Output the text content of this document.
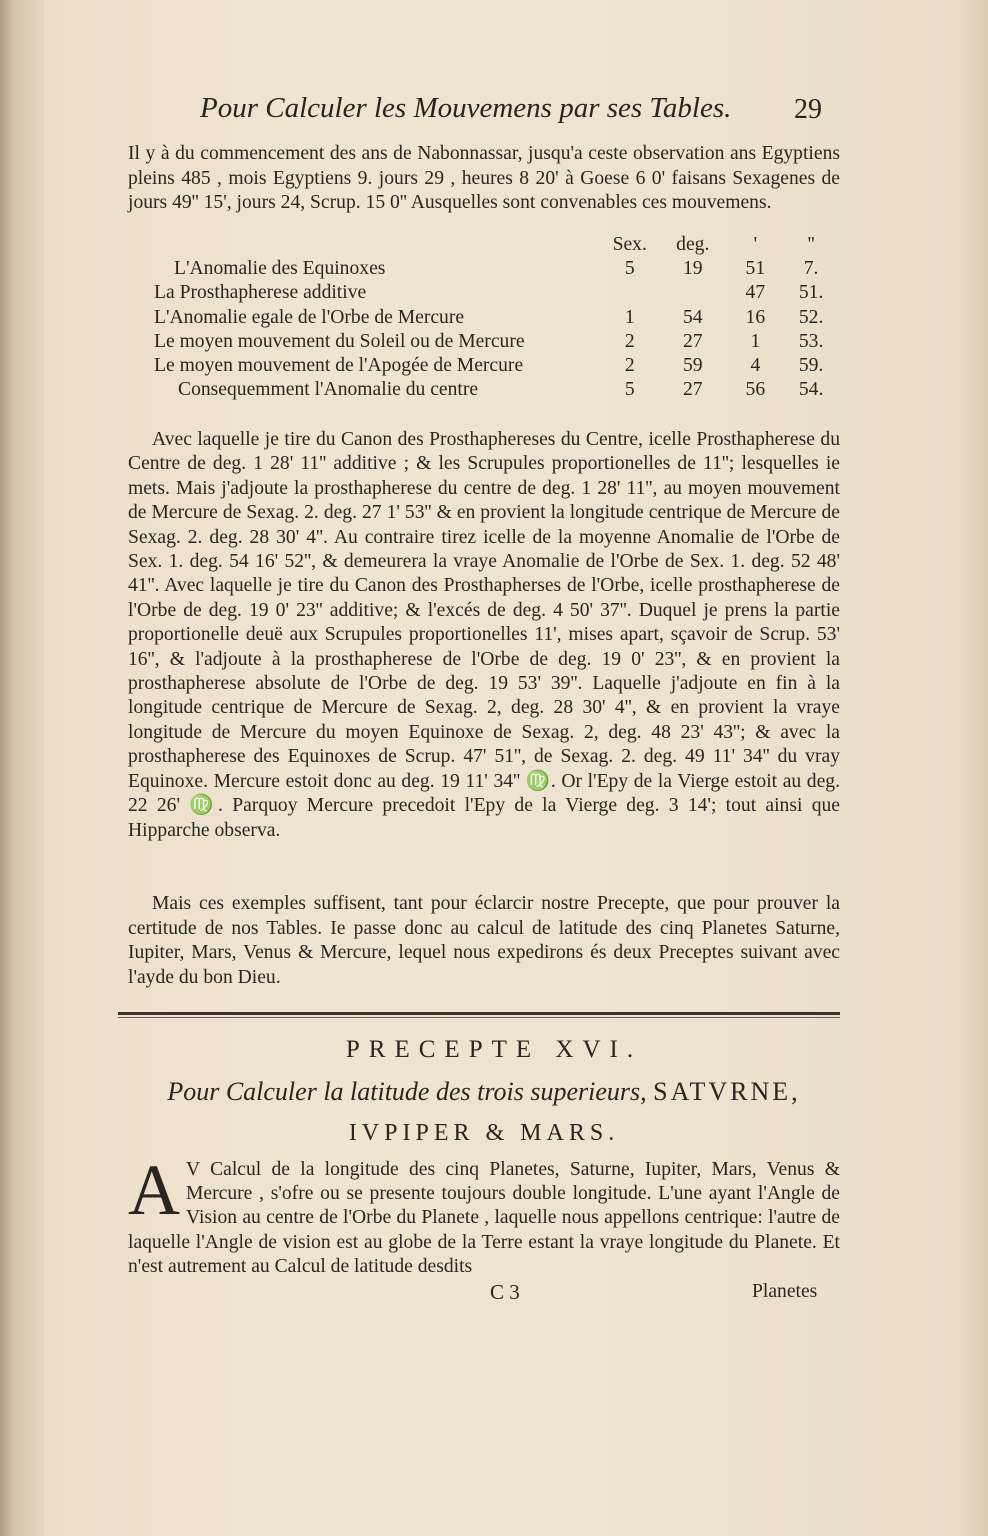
Pour Calculer les Mouvemens par ses Tables. 29

Il y à du commencement des ans de Nabonnassar, jusqu'a ceste observation ans Egyptiens pleins 485 , mois Egyptiens 9. jours 29 , heures 8 20' à Goese 6 0' faisans Sexagenes de jours 49'' 15', jours 24, Scrup. 15 0'' Ausquelles sont convenables ces mouvemens.

	Sex.	deg.	'	''
L'Anomalie des Equinoxes	5	19	51	7.
La Prosthapherese additive			47	51.
L'Anomalie egale de l'Orbe de Mercure	1	54	16	52.
Le moyen mouvement du Soleil ou de Mercure	2	27	1	53.
Le moyen mouvement de l'Apogée de Mercure	2	59	4	59.
Consequemment l'Anomalie du centre	5	27	56	54.

Avec laquelle je tire du Canon des Prosthaphereses du Centre, icelle Prosthapherese du Centre de deg. 1 28' 11'' additive ; & les Scrupules proportionelles de 11''; lesquelles ie mets. Mais j'adjoute la prosthapherese du centre de deg. 1 28' 11'', au moyen mouvement de Mercure de Sexag. 2. deg. 27 1' 53'' & en provient la longitude centrique de Mercure de Sexag. 2. deg. 28 30' 4''. Au contraire tirez icelle de la moyenne Anomalie de l'Orbe de Sex. 1. deg. 54 16' 52'', & demeurera la vraye Anomalie de l'Orbe de Sex. 1. deg. 52 48' 41''. Avec laquelle je tire du Canon des Prosthapherses de l'Orbe, icelle prosthapherese de l'Orbe de deg. 19 0' 23'' additive; & l'excés de deg. 4 50' 37''. Duquel je prens la partie proportionelle deuë aux Scrupules proportionelles 11', mises apart, sçavoir de Scrup. 53' 16'', & l'adjoute à la prosthapherese de l'Orbe de deg. 19 0' 23'', & en provient la prosthapherese absolute de l'Orbe de deg. 19 53' 39''. Laquelle j'adjoute en fin à la longitude centrique de Mercure de Sexag. 2, deg. 28 30' 4'', & en provient la vraye longitude de Mercure du moyen Equinoxe de Sexag. 2, deg. 48 23' 43''; & avec la prosthapherese des Equinoxes de Scrup. 47' 51'', de Sexag. 2. deg. 49 11' 34'' du vray Equinoxe. Mercure estoit donc au deg. 19 11' 34'' ♍. Or l'Epy de la Vierge estoit au deg. 22 26' ♍. Parquoy Mercure precedoit l'Epy de la Vierge deg. 3 14'; tout ainsi que Hipparche observa.

Mais ces exemples suffisent, tant pour éclarcir nostre Precepte, que pour prouver la certitude de nos Tables. Ie passe donc au calcul de latitude des cinq Planetes Saturne, Iupiter, Mars, Venus & Mercure, lequel nous expedirons és deux Preceptes suivant avec l'ayde du bon Dieu.

PRECEPTE XVI.
Pour Calculer la latitude des trois superieurs, SATVRNE,
IVPIPER & MARS.
A V Calcul de la longitude des cinq Planetes, Saturne, Iupiter, Mars, Venus & Mercure , s'ofre ou se presente toujours double longitude. L'une ayant l'Angle de Vision au centre de l'Orbe du Planete , laquelle nous appellons centrique: l'autre de laquelle l'Angle de vision est au globe de la Terre estant la vraye longitude du Planete. Et n'est autrement au Calcul de latitude desdits

C 3	Planetes
